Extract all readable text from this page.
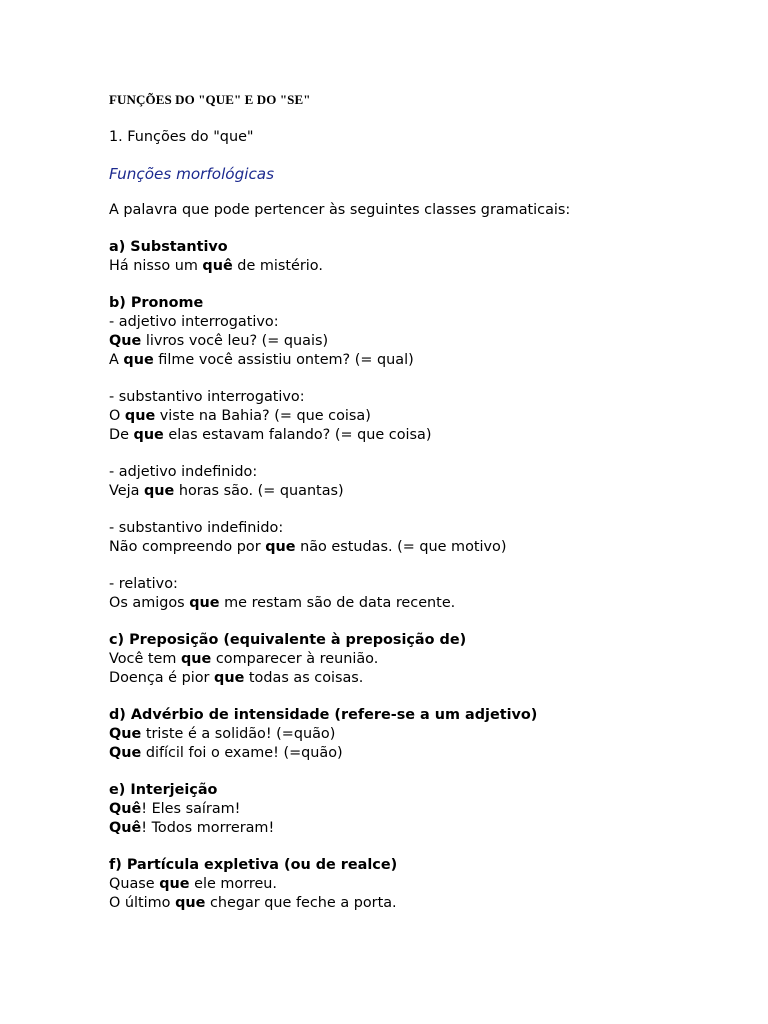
FUNÇÕES DO "QUE" E DO "SE"

1. Funções do "que"

Funções morfológicas

A palavra que pode pertencer às seguintes classes gramaticais:

a) Substantivo

Há nisso um quê de mistério.

b) Pronome

- adjetivo interrogativo:

Que livros você leu? (= quais)

A que filme você assistiu ontem? (= qual)

- substantivo interrogativo:

O que viste na Bahia? (= que coisa)

De que elas estavam falando? (= que coisa)

- adjetivo indefinido:

Veja que horas são. (= quantas)

- substantivo indefinido:

Não compreendo por que não estudas. (= que motivo)

- relativo:

Os amigos que me restam são de data recente.

c) Preposição (equivalente à preposição de)

Você tem que comparecer à reunião.

Doença é pior que todas as coisas.

d) Advérbio de intensidade (refere-se a um adjetivo)

Que triste é a solidão! (=quão)

Que difícil foi o exame! (=quão)

e) Interjeição

Quê! Eles saíram!

Quê! Todos morreram!

f) Partícula expletiva (ou de realce)

Quase que ele morreu.

O último que chegar que feche a porta.
